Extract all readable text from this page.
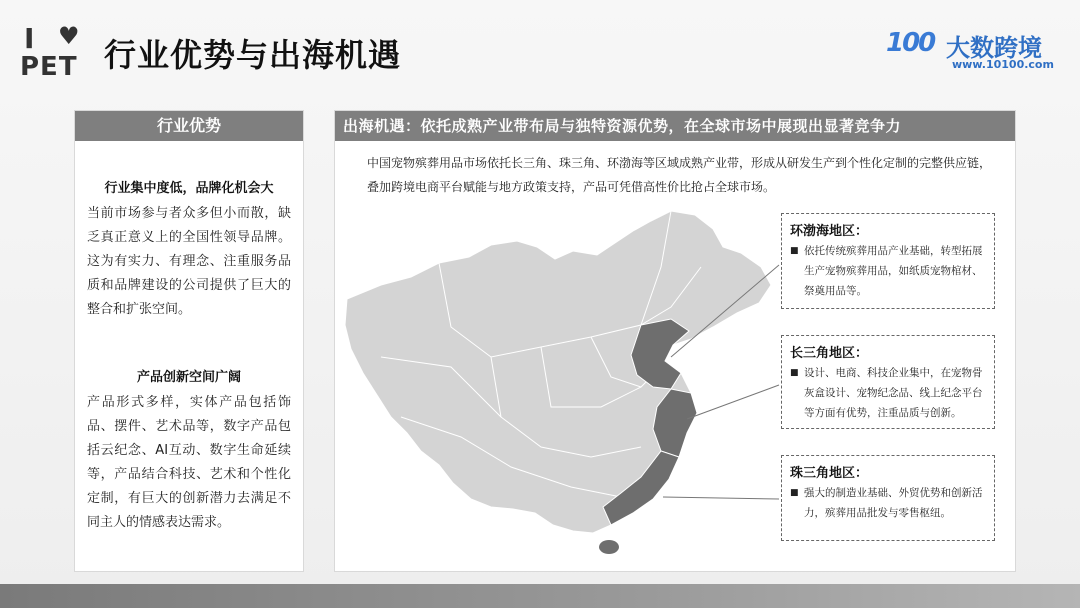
I ♥
PET 行业优势与出海机遇	100 大数跨境
www.10100.com
行业优势
行业集中度低，品牌化机会大
当前市场参与者众多但小而散，缺乏真正意义上的全国性领导品牌。这为有实力、有理念、注重服务品质和品牌建设的公司提供了巨大的整合和扩张空间。
产品创新空间广阔
产品形式多样，实体产品包括饰品、摆件、艺术品等，数字产品包括云纪念、AI互动、数字生命延续等，产品结合科技、艺术和个性化定制，有巨大的创新潜力去满足不同主人的情感表达需求。
出海机遇：依托成熟产业带布局与独特资源优势，在全球市场中展现出显著竞争力
中国宠物殡葬用品市场依托长三角、珠三角、环渤海等区域成熟产业带，形成从研发生产到个性化定制的完整供应链，叠加跨境电商平台赋能与地方政策支持，产品可凭借高性价比抢占全球市场。
环渤海地区：
■ 依托传统殡葬用品产业基础，转型拓展生产宠物殡葬用品，如纸质宠物棺材、祭奠用品等。
长三角地区：
■ 设计、电商、科技企业集中，在宠物骨灰盒设计、宠物纪念品、线上纪念平台等方面有优势，注重品质与创新。
珠三角地区：
■ 强大的制造业基础、外贸优势和创新活力，殡葬用品批发与零售枢纽。
